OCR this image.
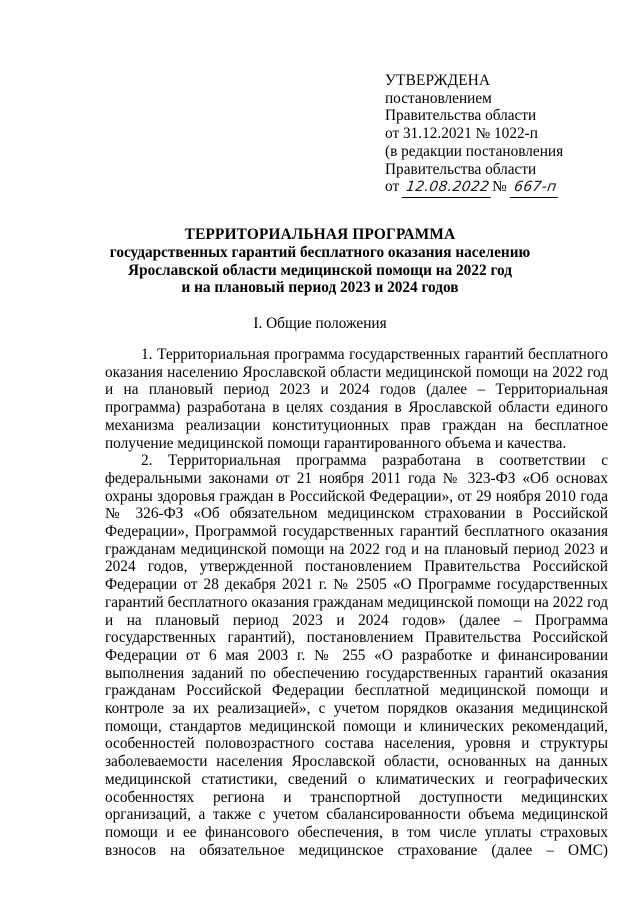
УТВЕРЖДЕНА
постановлением
Правительства области
от 31.12.2021 № 1022-п
(в редакции постановления
Правительства области
от 12.08.2022 № 667-п
ТЕРРИТОРИАЛЬНАЯ ПРОГРАММА
государственных гарантий бесплатного оказания населению
Ярославской области медицинской помощи на 2022 год
и на плановый период 2023 и 2024 годов
I. Общие положения

1. Территориальная программа государственных гарантий бесплатного оказания населению Ярославской области медицинской помощи на 2022 год и на плановый период 2023 и 2024 годов (далее – Территориальная программа) разработана в целях создания в Ярославской области единого механизма реализации конституционных прав граждан на бесплатное получение медицинской помощи гарантированного объема и качества.

2. Территориальная программа разработана в соответствии с федеральными законами от 21 ноября 2011 года № 323-ФЗ «Об основах охраны здоровья граждан в Российской Федерации», от 29 ноября 2010 года № 326-ФЗ «Об обязательном медицинском страховании в Российской Федерации», Программой государственных гарантий бесплатного оказания гражданам медицинской помощи на 2022 год и на плановый период 2023 и 2024 годов, утвержденной постановлением Правительства Российской Федерации от 28 декабря 2021 г. № 2505 «О Программе государственных гарантий бесплатного оказания гражданам медицинской помощи на 2022 год и на плановый период 2023 и 2024 годов» (далее – Программа государственных гарантий), постановлением Правительства Российской Федерации от 6 мая 2003 г. № 255 «О разработке и финансировании выполнения заданий по обеспечению государственных гарантий оказания гражданам Российской Федерации бесплатной медицинской помощи и контроле за их реализацией», с учетом порядков оказания медицинской помощи, стандартов медицинской помощи и клинических рекомендаций, особенностей половозрастного состава населения, уровня и структуры заболеваемости населения Ярославской области, основанных на данных медицинской статистики, сведений о климатических и географических особенностях региона и транспортной доступности медицинских организаций, а также с учетом сбалансированности объема медицинской помощи и ее финансового обеспечения, в том числе уплаты страховых взносов на обязательное медицинское страхование (далее – ОМС)
